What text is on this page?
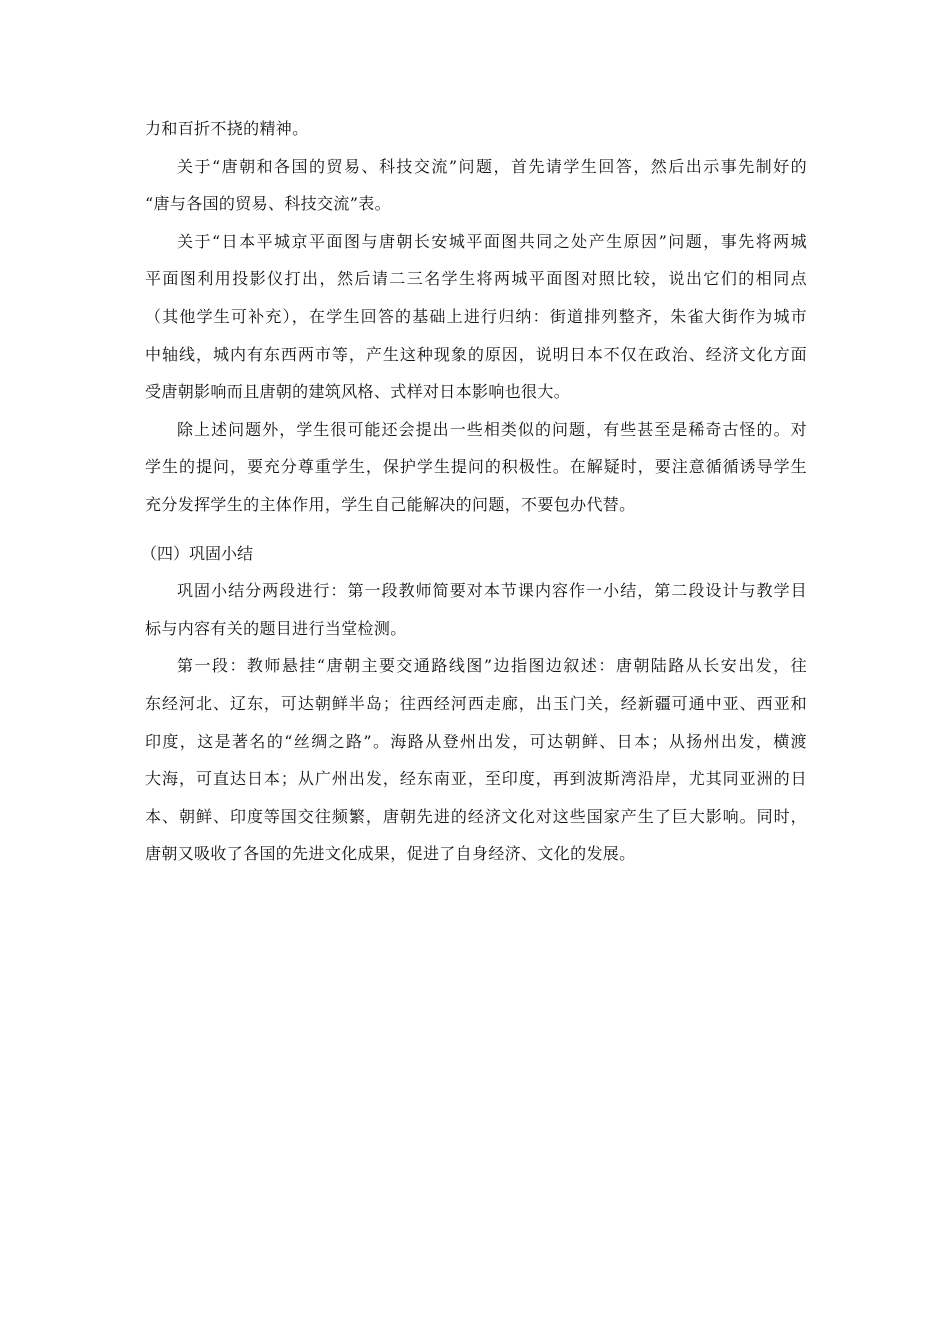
力和百折不挠的精神。
关于“唐朝和各国的贸易、科技交流”问题，首先请学生回答，然后出示事先制好的
“唐与各国的贸易、科技交流”表。
关于“日本平城京平面图与唐朝长安城平面图共同之处产生原因”问题，事先将两城
平面图利用投影仪打出，然后请二三名学生将两城平面图对照比较，说出它们的相同点
（其他学生可补充），在学生回答的基础上进行归纳：街道排列整齐，朱雀大街作为城市
中轴线，城内有东西两市等，产生这种现象的原因，说明日本不仅在政治、经济文化方面
受唐朝影响而且唐朝的建筑风格、式样对日本影响也很大。
除上述问题外，学生很可能还会提出一些相类似的问题，有些甚至是稀奇古怪的。对
学生的提问，要充分尊重学生，保护学生提问的积极性。在解疑时，要注意循循诱导学生
充分发挥学生的主体作用，学生自己能解决的问题，不要包办代替。
（四）巩固小结
巩固小结分两段进行：第一段教师简要对本节课内容作一小结，第二段设计与教学目
标与内容有关的题目进行当堂检测。
第一段：教师悬挂“唐朝主要交通路线图”边指图边叙述：唐朝陆路从长安出发，往
东经河北、辽东，可达朝鲜半岛；往西经河西走廊，出玉门关，经新疆可通中亚、西亚和
印度，这是著名的“丝绸之路”。海路从登州出发，可达朝鲜、日本；从扬州出发，横渡
大海，可直达日本；从广州出发，经东南亚，至印度，再到波斯湾沿岸，尤其同亚洲的日
本、朝鲜、印度等国交往频繁，唐朝先进的经济文化对这些国家产生了巨大影响。同时，
唐朝又吸收了各国的先进文化成果，促进了自身经济、文化的发展。
